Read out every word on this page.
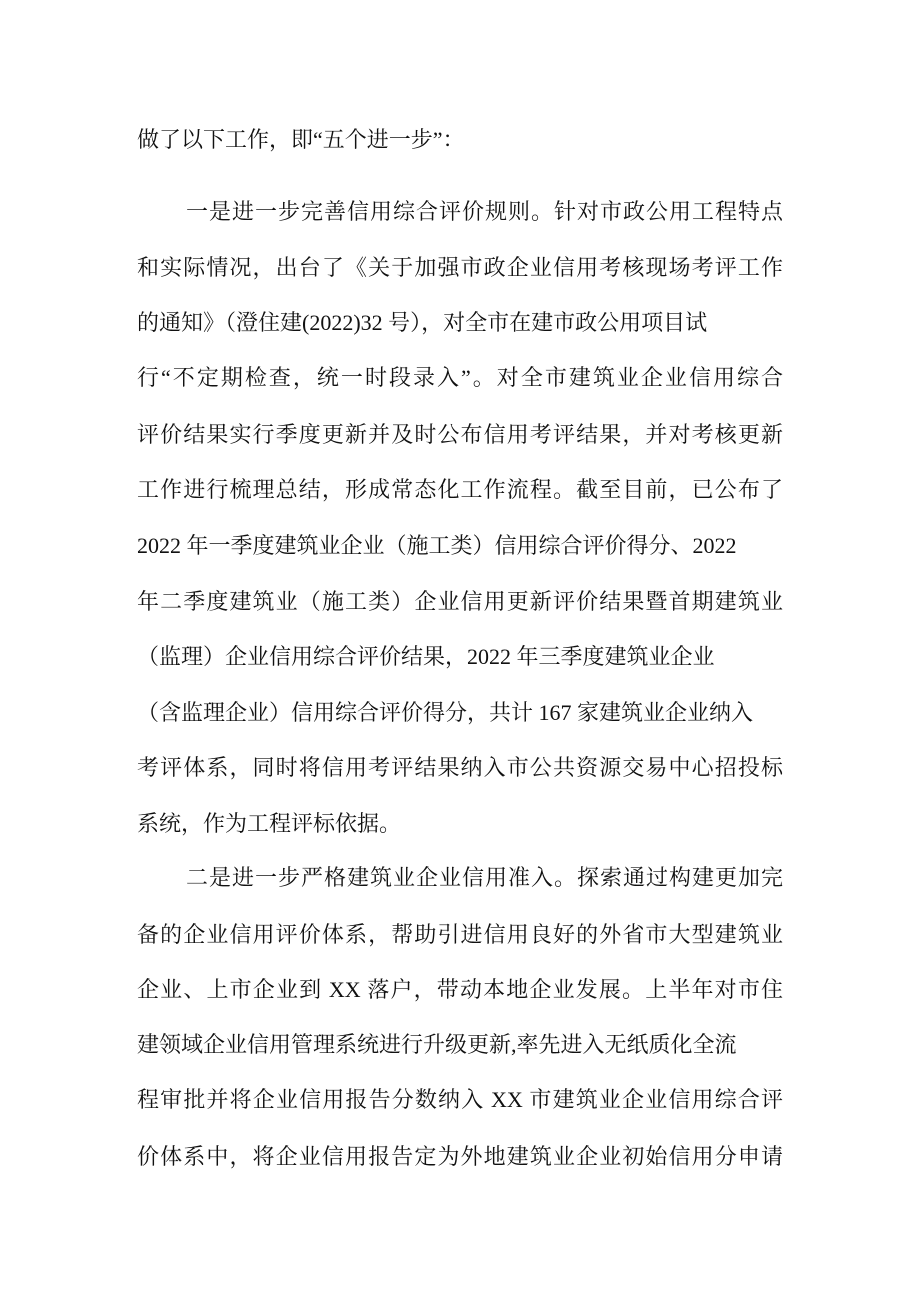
做了以下工作，即“五个进一步”：
一是进一步完善信用综合评价规则。针对市政公用工程特点
和实际情况，出台了《关于加强市政企业信用考核现场考评工作
的通知》（澄住建(2022)32 号），对全市在建市政公用项目试
行“不定期检查，统一时段录入”。对全市建筑业企业信用综合
评价结果实行季度更新并及时公布信用考评结果，并对考核更新
工作进行梳理总结，形成常态化工作流程。截至目前，已公布了
2022 年一季度建筑业企业（施工类）信用综合评价得分、2022
年二季度建筑业（施工类）企业信用更新评价结果暨首期建筑业
（监理）企业信用综合评价结果，2022 年三季度建筑业企业
（含监理企业）信用综合评价得分，共计 167 家建筑业企业纳入
考评体系，同时将信用考评结果纳入市公共资源交易中心招投标
系统，作为工程评标依据。
二是进一步严格建筑业企业信用准入。探索通过构建更加完
备的企业信用评价体系，帮助引进信用良好的外省市大型建筑业
企业、上市企业到 XX 落户，带动本地企业发展。上半年对市住
建领域企业信用管理系统进行升级更新,率先进入无纸质化全流
程审批并将企业信用报告分数纳入 XX 市建筑业企业信用综合评
价体系中，将企业信用报告定为外地建筑业企业初始信用分申请
